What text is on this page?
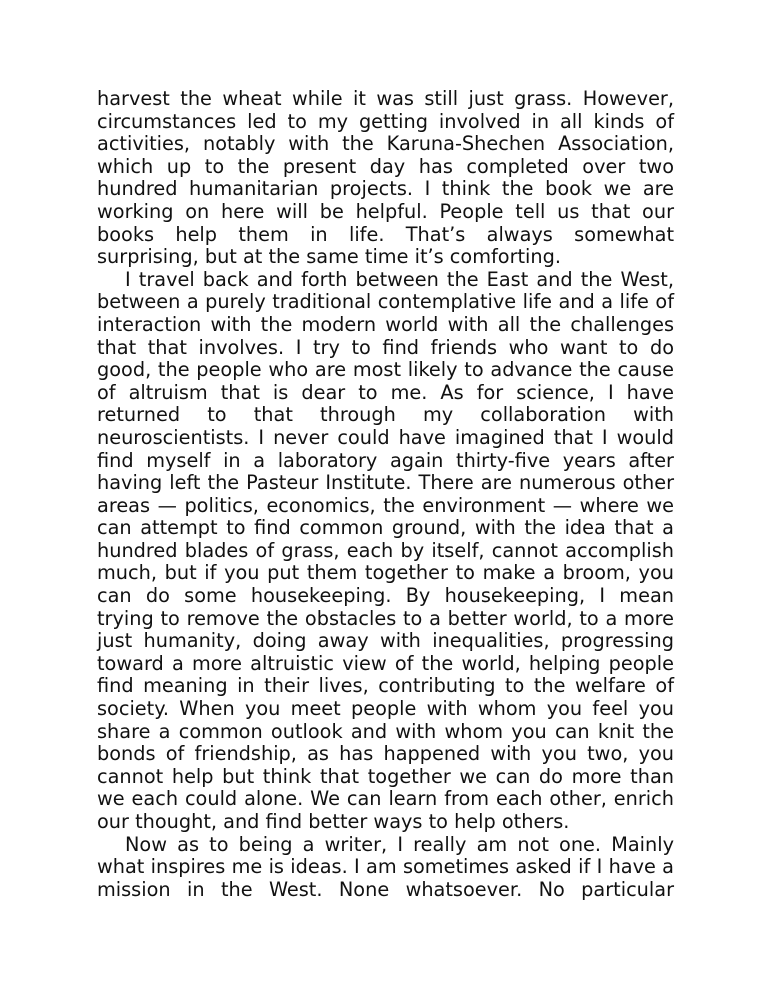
harvest the wheat while it was still just grass. However, circumstances led to my getting involved in all kinds of activities, notably with the Karuna-Shechen Association, which up to the present day has completed over two hundred humanitarian projects. I think the book we are working on here will be helpful. People tell us that our books help them in life. That’s always somewhat surprising, but at the same time it’s comforting.

I travel back and forth between the East and the West, between a purely traditional contemplative life and a life of interaction with the modern world with all the challenges that that involves. I try to find friends who want to do good, the people who are most likely to advance the cause of altruism that is dear to me. As for science, I have returned to that through my collaboration with neuroscientists. I never could have imagined that I would find myself in a laboratory again thirty-five years after having left the Pasteur Institute. There are numerous other areas — politics, economics, the environment — where we can attempt to find common ground, with the idea that a hundred blades of grass, each by itself, cannot accomplish much, but if you put them together to make a broom, you can do some housekeeping. By housekeeping, I mean trying to remove the obstacles to a better world, to a more just humanity, doing away with inequalities, progressing toward a more altruistic view of the world, helping people find meaning in their lives, contributing to the welfare of society. When you meet people with whom you feel you share a common outlook and with whom you can knit the bonds of friendship, as has happened with you two, you cannot help but think that together we can do more than we each could alone. We can learn from each other, enrich our thought, and find better ways to help others.

Now as to being a writer, I really am not one. Mainly what inspires me is ideas. I am sometimes asked if I have a mission in the West. None whatsoever. No particular
